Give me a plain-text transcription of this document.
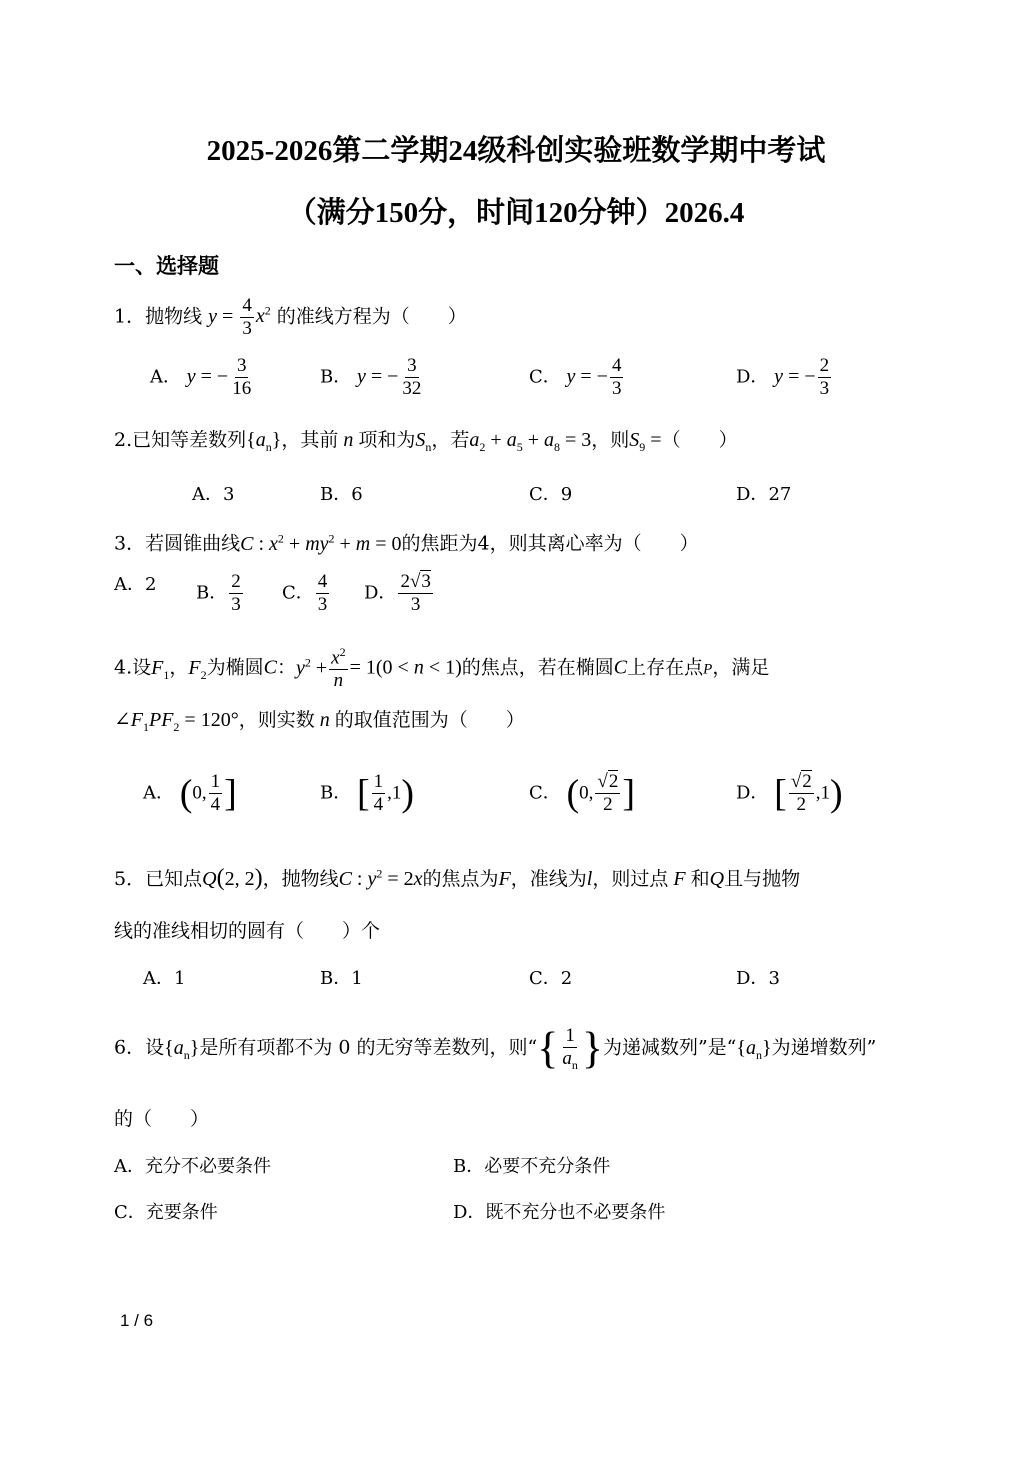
2025-2026第二学期24级科创实验班数学期中考试
（满分150分，时间120分钟）2026.4
一、选择题
1．抛物线 $y = \frac{4}{3} x^2$ 的准线方程为（　　）
A． y = − $\frac{3}{16}$	B． y = − $\frac{3}{32}$	C． y = − $\frac{4}{3}$	D． y = − $\frac{2}{3}$
2.已知等差数列$\{a_n\}$，其前 n 项和为$S_n$，若$a_2 + a_5 + a_8 = 3$，则$S_9$ =（　　）
A．3	B．6	C．9	D．27
3．若圆锥曲线C : $x^2 + my^2 + m = 0$的焦距为4，则其离心率为（　　）
A．2 B． $\frac{2}{3}$ C． $\frac{4}{3}$ D． $\frac{2√3}{3}$
4.设$F_1$，$F_2$为椭圆C：$y^2 + \frac{x^2}{n} = 1(0 < n < 1)$的焦点，若在椭圆C上存在点P，满足
$\angle F_1PF_2 = 120^\circ$，则实数 n 的取值范围为（　　）
A． (0, $\frac{1}{4}$ ]	B． [ $\frac{1}{4} ,1$)	C． (0, $\frac{√2}{2}$ ]	D． [ $\frac{√2}{2} ,1$)
5．已知点Q(2, 2)，抛物线C : $y^2 = 2x$的焦点为F，准线为l，则过点 F 和Q且与抛物
线的准线相切的圆有（　　）个
A．1	B．1	C．2	D．3
6．设$\{a_n\}$是所有项都不为 0 的无穷等差数列，则“{ $\frac{1}{a_n}$ }为递减数列”是“$\{a_n\}$为递增数列”
的（　　）
A．充分不必要条件	B．必要不充分条件
C．充要条件	D．既不充分也不必要条件
1 / 6
